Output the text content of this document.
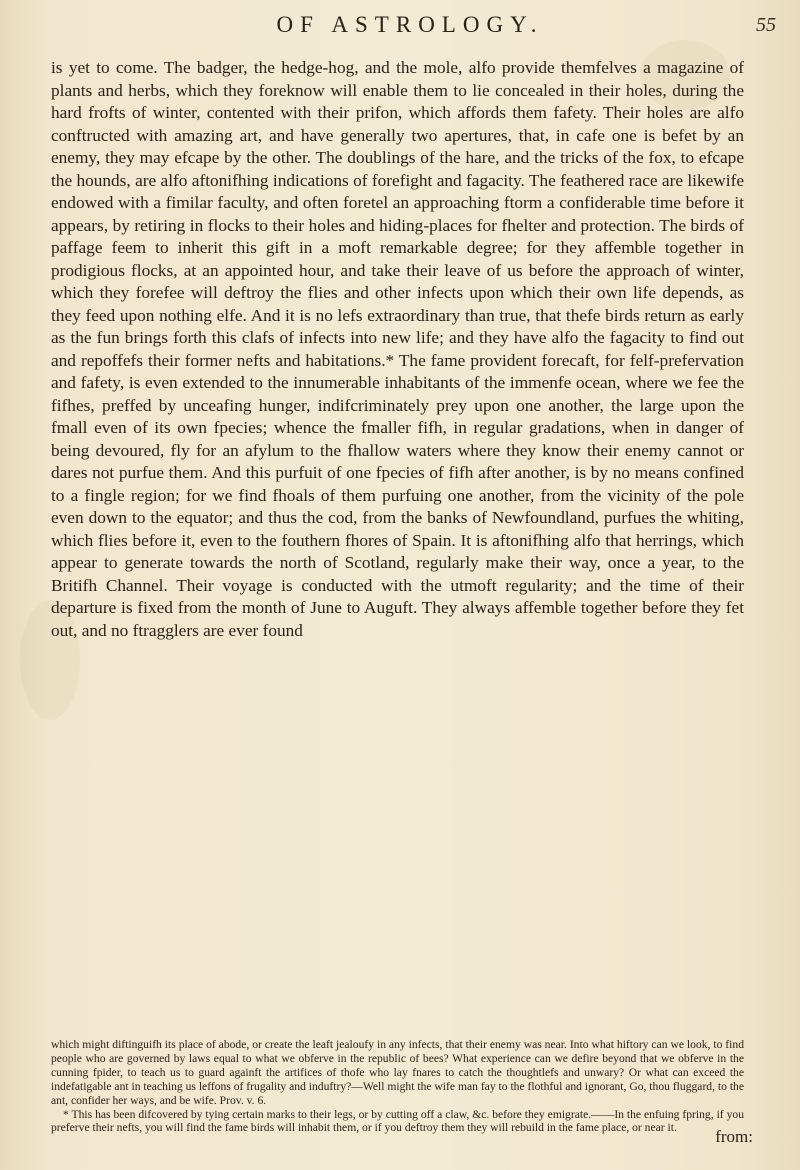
OF ASTROLOGY.	55

is yet to come. The badger, the hedge-hog, and the mole, alfo provide themfelves a magazine of plants and herbs, which they foreknow will enable them to lie concealed in their holes, during the hard frofts of winter, contented with their prifon, which affords them fafety. Their holes are alfo conftructed with amazing art, and have generally two apertures, that, in cafe one is befet by an enemy, they may efcape by the other. The doublings of the hare, and the tricks of the fox, to efcape the hounds, are alfo aftonifhing indications of forefight and fagacity. The feathered race are likewife endowed with a fimilar faculty, and often foretel an approaching ftorm a confiderable time before it appears, by retiring in flocks to their holes and hiding-places for fhelter and protection. The birds of paffage feem to inherit this gift in a moft remarkable degree; for they affemble together in prodigious flocks, at an appointed hour, and take their leave of us before the approach of winter, which they forefee will deftroy the flies and other infects upon which their own life depends, as they feed upon nothing elfe. And it is no lefs extraordinary than true, that thefe birds return as early as the fun brings forth this clafs of infects into new life; and they have alfo the fagacity to find out and repoffefs their former nefts and habitations.* The fame provident forecaft, for felf-prefervation and fafety, is even extended to the innumerable inhabitants of the immenfe ocean, where we fee the fifhes, preffed by unceafing hunger, indifcriminately prey upon one another, the large upon the fmall even of its own fpecies; whence the fmaller fifh, in regular gradations, when in danger of being devoured, fly for an afylum to the fhallow waters where they know their enemy cannot or dares not purfue them. And this purfuit of one fpecies of fifh after another, is by no means confined to a fingle region; for we find fhoals of them purfuing one another, from the vicinity of the pole even down to the equator; and thus the cod, from the banks of Newfoundland, purfues the whiting, which flies before it, even to the fouthern fhores of Spain. It is aftonifhing alfo that herrings, which appear to generate towards the north of Scotland, regularly make their way, once a year, to the Britifh Channel. Their voyage is conducted with the utmoft regularity; and the time of their departure is fixed from the month of June to Auguft. They always affemble together before they fet out, and no ftragglers are ever found

which might diftinguifh its place of abode, or create the leaft jealoufy in any infects, that their enemy was near. Into what hiftory can we look, to find people who are governed by laws equal to what we obferve in the republic of bees? What experience can we defire beyond that we obferve in the cunning fpider, to teach us to guard againft the artifices of thofe who lay fnares to catch the thoughtlefs and unwary? Or what can exceed the indefatigable ant in teaching us leffons of frugality and induftry?—Well might the wife man fay to the flothful and ignorant, Go, thou fluggard, to the ant, confider her ways, and be wife. Prov. v. 6.

* This has been difcovered by tying certain marks to their legs, or by cutting off a claw, &c. before they emigrate.——In the enfuing fpring, if you preferve their nefts, you will find the fame birds will inhabit them, or if you deftroy them they will rebuild in the fame place, or near it.	from:
